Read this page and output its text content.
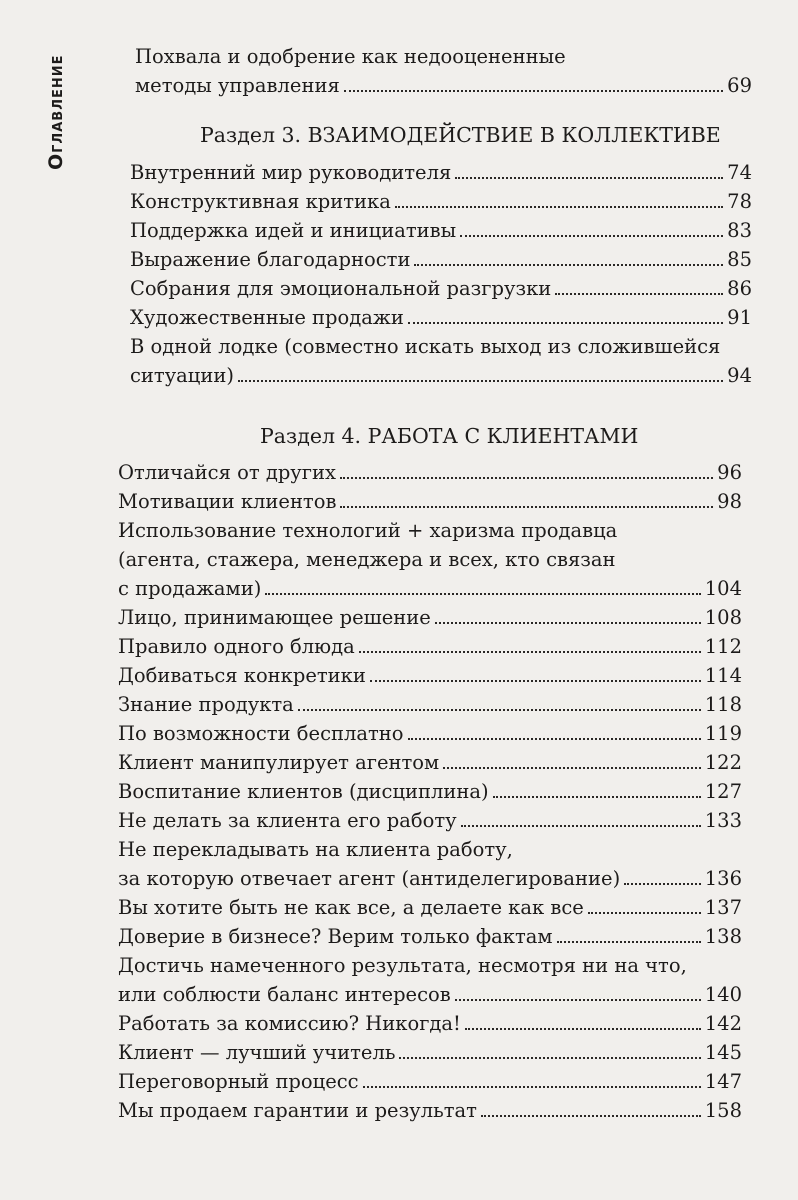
Оглавление	Похвала и одобрение как недооцененные
методы управления	69
Раздел 3. ВЗАИМОДЕЙСТВИЕ В КОЛЛЕКТИВЕ
Внутренний мир руководителя	74
Конструктивная критика	78
Поддержка идей и инициативы	83
Выражение благодарности	85
Собрания для эмоциональной разгрузки	86
Художественные продажи	91
В одной лодке (совместно искать выход из сложившейся
ситуации)	94
Раздел 4. РАБОТА С КЛИЕНТАМИ
Отличайся от других	96
Мотивации клиентов	98
Использование технологий + харизма продавца
(агента, стажера, менеджера и всех, кто связан
с продажами)	104
Лицо, принимающее решение	108
Правило одного блюда	112
Добиваться конкретики	114
Знание продукта	118
По возможности бесплатно	119
Клиент манипулирует агентом	122
Воспитание клиентов (дисциплина)	127
Не делать за клиента его работу	133
Не перекладывать на клиента работу,
за которую отвечает агент (антиделегирование)	136
Вы хотите быть не как все, а делаете как все	137
Доверие в бизнесе? Верим только фактам	138
Достичь намеченного результата, несмотря ни на что,
или соблюсти баланс интересов	140
Работать за комиссию? Никогда!	142
Клиент — лучший учитель	145
Переговорный процесс	147
Мы продаем гарантии и результат	158
